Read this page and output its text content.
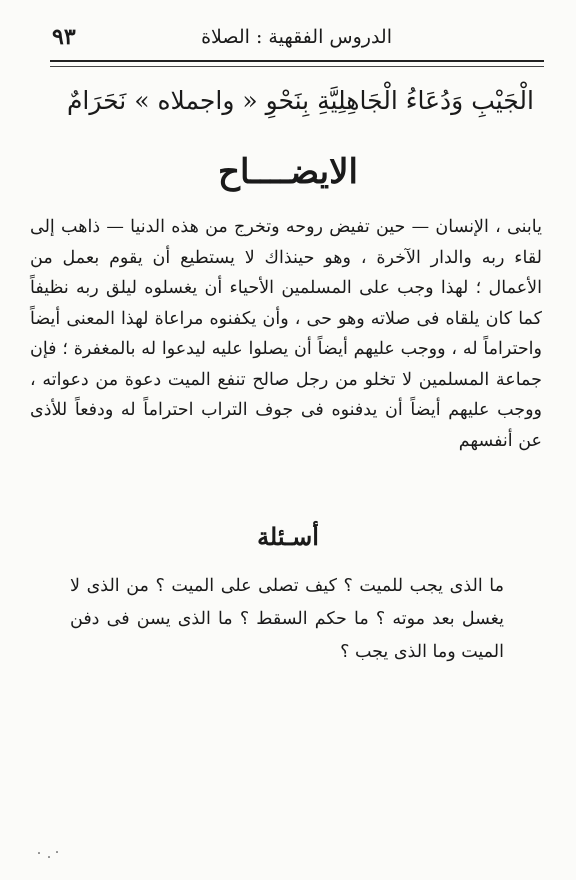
الدروس الفقهية : الصلاة
٩٣
الْجَيْبِ وَدُعَاءُ الْجَاهِلِيَّةِ بِنَحْوِ « واجملاه » نَحَرَامٌ
الايضــــاح

يابنى ، الإنسان — حين تفيض روحه وتخرج من هذه الدنيا — ذاهب إلى لقاء ربه والدار الآخرة ، وهو حينذاك لا يستطيع أن يقوم بعمل من الأعمال ؛ لهذا وجب على المسلمين الأحياء أن يغسلوه ليلق ربه نظيفاً كما كان يلقاه فى صلاته وهو حى ، وأن يكفنوه مراعاة لهذا المعنى أيضاً واحتراماً له ، ووجب عليهم أيضاً أن يصلوا عليه ليدعوا له بالمغفرة ؛ فإن جماعة المسلمين لا تخلو من رجل صالح تنفع الميت دعوة من دعواته ، ووجب عليهم أيضاً أن يدفنوه فى جوف التراب احتراماً له ودفعاً للأذى عن أنفسهم

أسـئلة

ما الذى يجب للميت ؟ كيف تصلى على الميت ؟ من الذى لا يغسل بعد موته ؟ ما حكم السقط ؟ ما الذى يسن فى دفن الميت وما الذى يجب ؟
